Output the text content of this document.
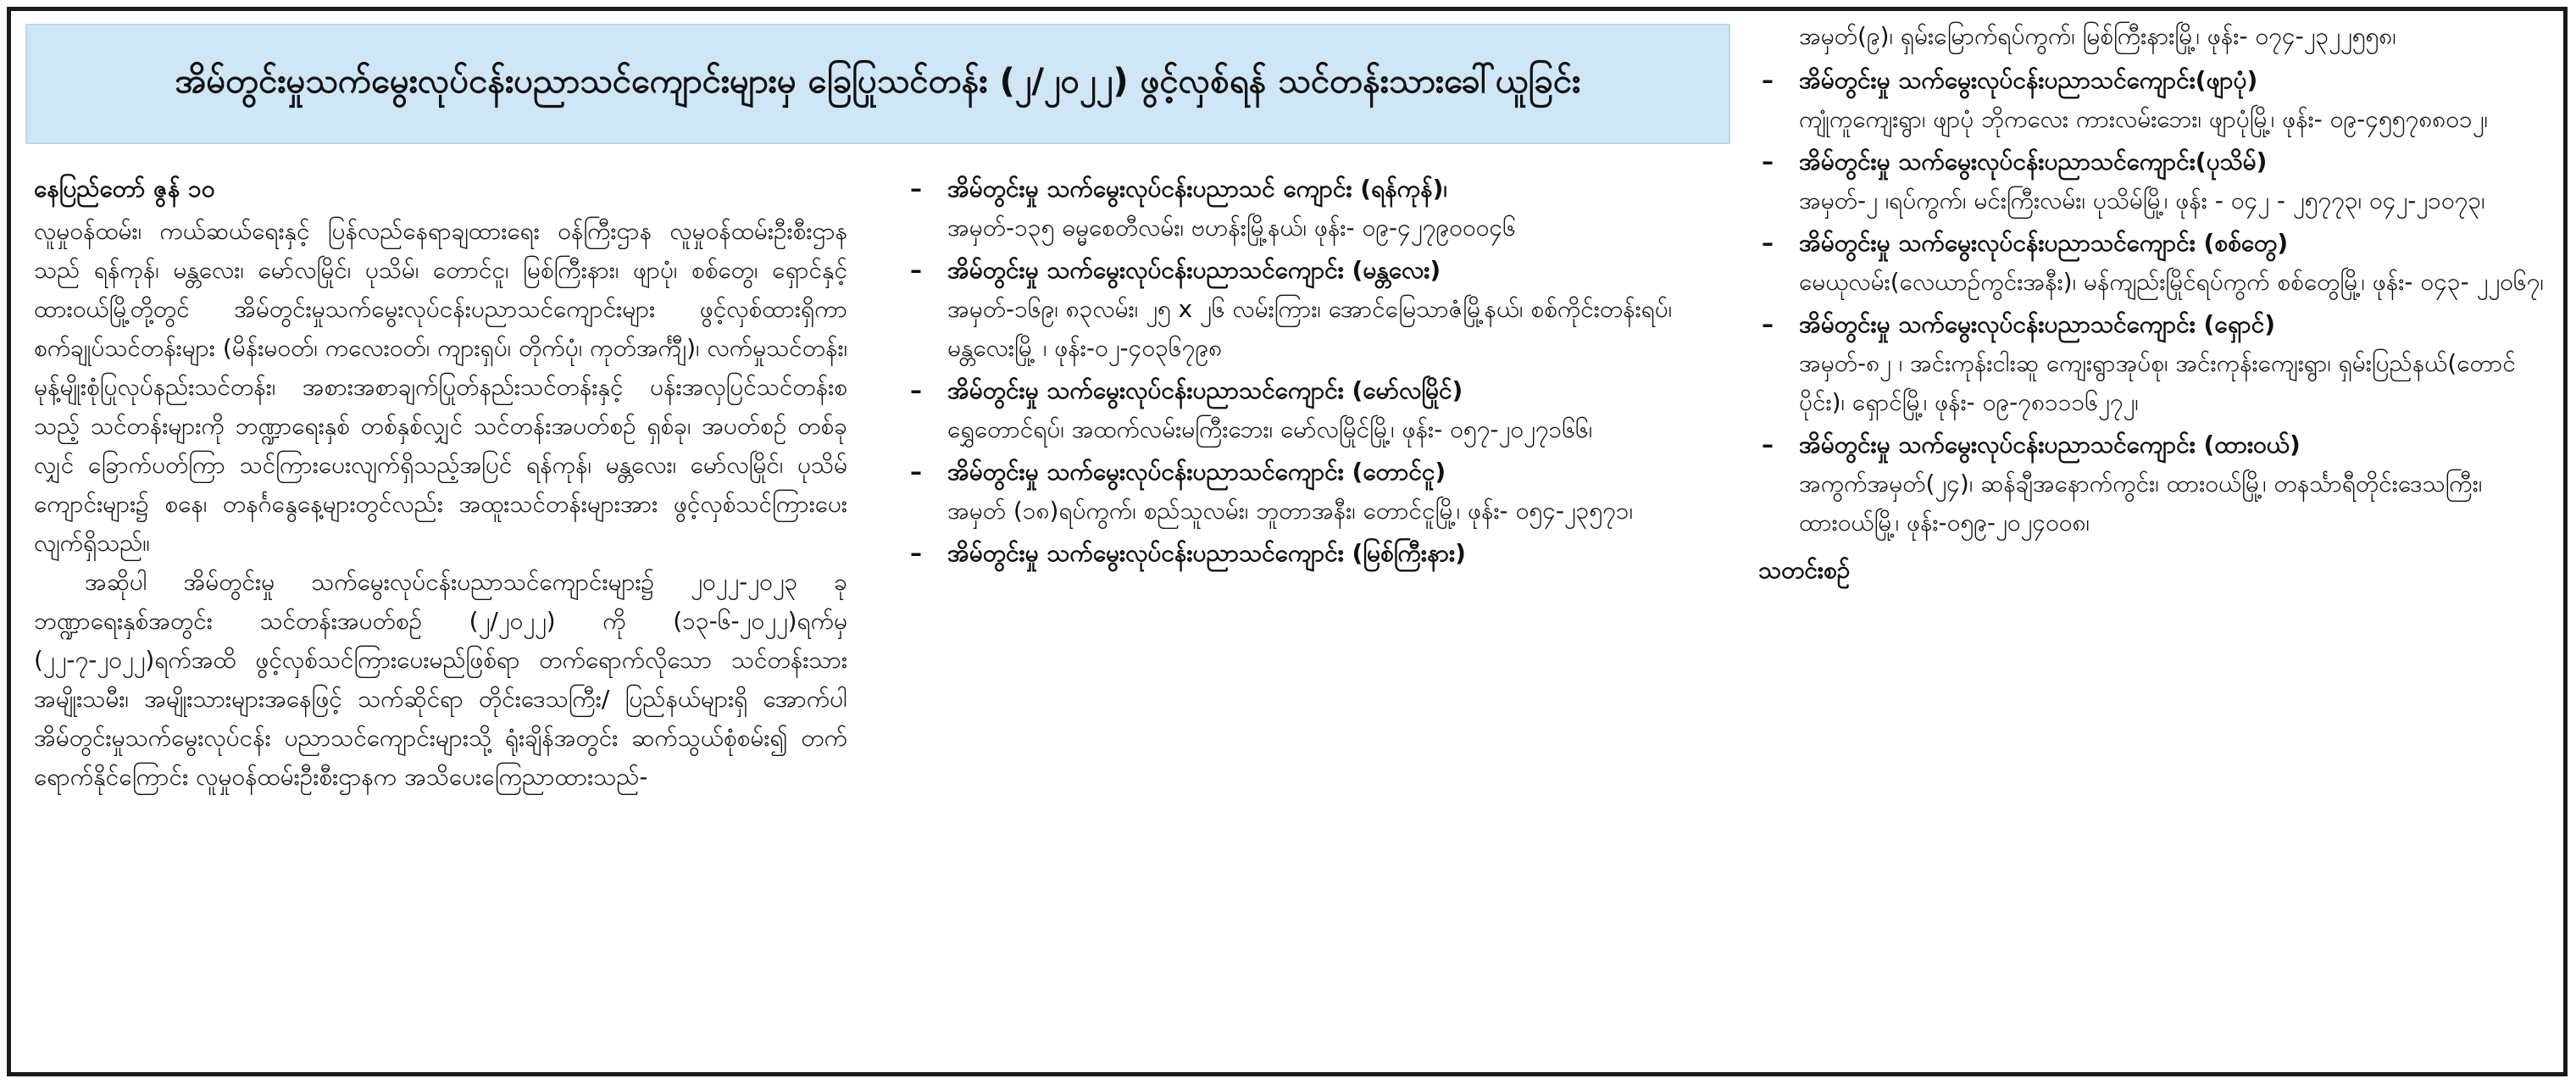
အိမ်တွင်းမှုသက်မွေးလုပ်ငန်းပညာသင်ကျောင်းများမှ ခြေပြုသင်တန်း (၂/၂၀၂၂) ဖွင့်လှစ်ရန် သင်တန်းသားခေါ်ယူခြင်း

နေပြည်တော် ဇွန် ၁၀

လူမှုဝန်ထမ်း၊ ကယ်ဆယ်ရေးနှင့် ပြန်လည်နေရာချထားရေး ဝန်ကြီးဌာန လူမှုဝန်ထမ်းဦးစီးဌာနသည် ရန်ကုန်၊ မန္တလေး၊ မော်လမြိုင်၊ ပုသိမ်၊ တောင်ငူ၊ မြစ်ကြီးနား၊ ဖျာပုံ၊ စစ်တွေ၊ ရှောင်နှင့် ထားဝယ်မြို့တို့တွင် အိမ်တွင်းမှုသက်မွေးလုပ်ငန်းပညာသင်ကျောင်းများ ဖွင့်လှစ်ထားရှိကာ စက်ချုပ်သင်တန်းများ (မိန်းမဝတ်၊ ကလေးဝတ်၊ ကျားရှပ်၊ တိုက်ပုံ၊ ကုတ်အင်္ကျီ)၊ လက်မှုသင်တန်း၊ မုန့်မျိုးစုံပြုလုပ်နည်းသင်တန်း၊ အစားအစာချက်ပြုတ်နည်းသင်တန်းနှင့် ပန်းအလှပြင်သင်တန်းစသည့် သင်တန်းများကို ဘဏ္ဍာရေးနှစ် တစ်နှစ်လျှင် သင်တန်းအပတ်စဉ် ရှစ်ခု၊ အပတ်စဉ် တစ်ခုလျှင် ခြောက်ပတ်ကြာ သင်ကြားပေးလျက်ရှိသည့်အပြင် ရန်ကုန်၊ မန္တလေး၊ မော်လမြိုင်၊ ပုသိမ်ကျောင်းများ၌ စနေ၊ တနင်္ဂနွေနေ့များတွင်လည်း အထူးသင်တန်းများအား ဖွင့်လှစ်သင်ကြားပေးလျက်ရှိသည်။

အဆိုပါ အိမ်တွင်းမှု သက်မွေးလုပ်ငန်းပညာသင်ကျောင်းများ၌ ၂၀၂၂-၂၀၂၃ ခု ဘဏ္ဍာရေးနှစ်အတွင်း သင်တန်းအပတ်စဉ် (၂/၂၀၂၂) ကို (၁၃-၆-၂၀၂၂)ရက်မှ (၂၂-၇-၂၀၂၂)ရက်အထိ ဖွင့်လှစ်သင်ကြားပေးမည်ဖြစ်ရာ တက်ရောက်လိုသော သင်တန်းသား အမျိုးသမီး၊ အမျိုးသားများအနေဖြင့် သက်ဆိုင်ရာ တိုင်းဒေသကြီး/ ပြည်နယ်များရှိ အောက်ပါအိမ်တွင်းမှုသက်မွေးလုပ်ငန်း ပညာသင်ကျောင်းများသို့ ရုံးချိန်အတွင်း ဆက်သွယ်စုံစမ်း၍ တက်ရောက်နိုင်ကြောင်း လူမှုဝန်ထမ်းဦးစီးဌာနက အသိပေးကြေညာထားသည်-

– အိမ်တွင်းမှု သက်မွေးလုပ်ငန်းပညာသင် ကျောင်း (ရန်ကုန်)၊
အမှတ်-၁၃၅ ဓမ္မစေတီလမ်း၊ ဗဟန်းမြို့နယ်၊ ဖုန်း- ၀၉-၄၂၇၉၀၀၀၄၆
– အိမ်တွင်းမှု သက်မွေးလုပ်ငန်းပညာသင်ကျောင်း (မန္တလေး)
အမှတ်-၁၆၉၊ ၈၃လမ်း၊ ၂၅ x ၂၆ လမ်းကြား၊ အောင်မြေသာဇံမြို့နယ်၊ စစ်ကိုင်းတန်းရပ်၊ မန္တလေးမြို့ ၊ ဖုန်း-၀၂-၄၀၃၆၇၉၈
– အိမ်တွင်းမှု သက်မွေးလုပ်ငန်းပညာသင်ကျောင်း (မော်လမြိုင်)
ရွှေတောင်ရပ်၊ အထက်လမ်းမကြီးဘေး၊ မော်လမြိုင်မြို့၊ ဖုန်း- ၀၅၇-၂၀၂၇၁၆၆၊
– အိမ်တွင်းမှု သက်မွေးလုပ်ငန်းပညာသင်ကျောင်း (တောင်ငူ)
အမှတ် (၁၈)ရပ်ကွက်၊ စည်သူလမ်း၊ ဘူတာအနီး၊ တောင်ငူမြို့၊ ဖုန်း- ၀၅၄-၂၃၅၇၁၊
– အိမ်တွင်းမှု သက်မွေးလုပ်ငန်းပညာသင်ကျောင်း (မြစ်ကြီးနား)

အမှတ်(၉)၊ ရှမ်းမြောက်ရပ်ကွက်၊ မြစ်ကြီးနားမြို့၊ ဖုန်း- ၀၇၄-၂၃၂၂၅၅၈၊

– အိမ်တွင်းမှု သက်မွေးလုပ်ငန်းပညာသင်ကျောင်း(ဖျာပုံ)
ကျုံကူကျေးရွာ၊ ဖျာပုံ ဘိုကလေး ကားလမ်းဘေး၊ ဖျာပုံမြို့၊ ဖုန်း- ၀၉-၄၅၅၇၈၈၀၁၂၊
– အိမ်တွင်းမှု သက်မွေးလုပ်ငန်းပညာသင်ကျောင်း(ပုသိမ်)
အမှတ်-၂ ၊ရပ်ကွက်၊ မင်းကြီးလမ်း၊ ပုသိမ်မြို့၊ ဖုန်း - ၀၄၂ - ၂၅၇၇၃၊ ၀၄၂-၂၁၀၇၃၊
– အိမ်တွင်းမှု သက်မွေးလုပ်ငန်းပညာသင်ကျောင်း (စစ်တွေ)
မေယုလမ်း(လေယာဉ်ကွင်းအနီး)၊ မန်ကျည်းမြိုင်ရပ်ကွက် စစ်တွေမြို့၊ ဖုန်း- ၀၄၃- ၂၂၀၆၇၊
– အိမ်တွင်းမှု သက်မွေးလုပ်ငန်းပညာသင်ကျောင်း (ရှောင်)
အမှတ်-၈၂ ၊ အင်းကုန်းငါးဆူ ကျေးရွာအုပ်စု၊ အင်းကုန်းကျေးရွာ၊ ရှမ်းပြည်နယ်(တောင်ပိုင်း)၊ ရှောင်မြို့၊ ဖုန်း- ၀၉-၇၈၁၁၁၆၂၇၂၊
– အိမ်တွင်းမှု သက်မွေးလုပ်ငန်းပညာသင်ကျောင်း (ထားဝယ်)
အကွက်အမှတ်(၂၄)၊ ဆန်ချီအနောက်ကွင်း၊ ထားဝယ်မြို့၊ တနင်္သာရီတိုင်းဒေသကြီး၊ထားဝယ်မြို့၊ ဖုန်း-၀၅၉-၂၀၂၄၀၀၈၊

သတင်းစဉ်
